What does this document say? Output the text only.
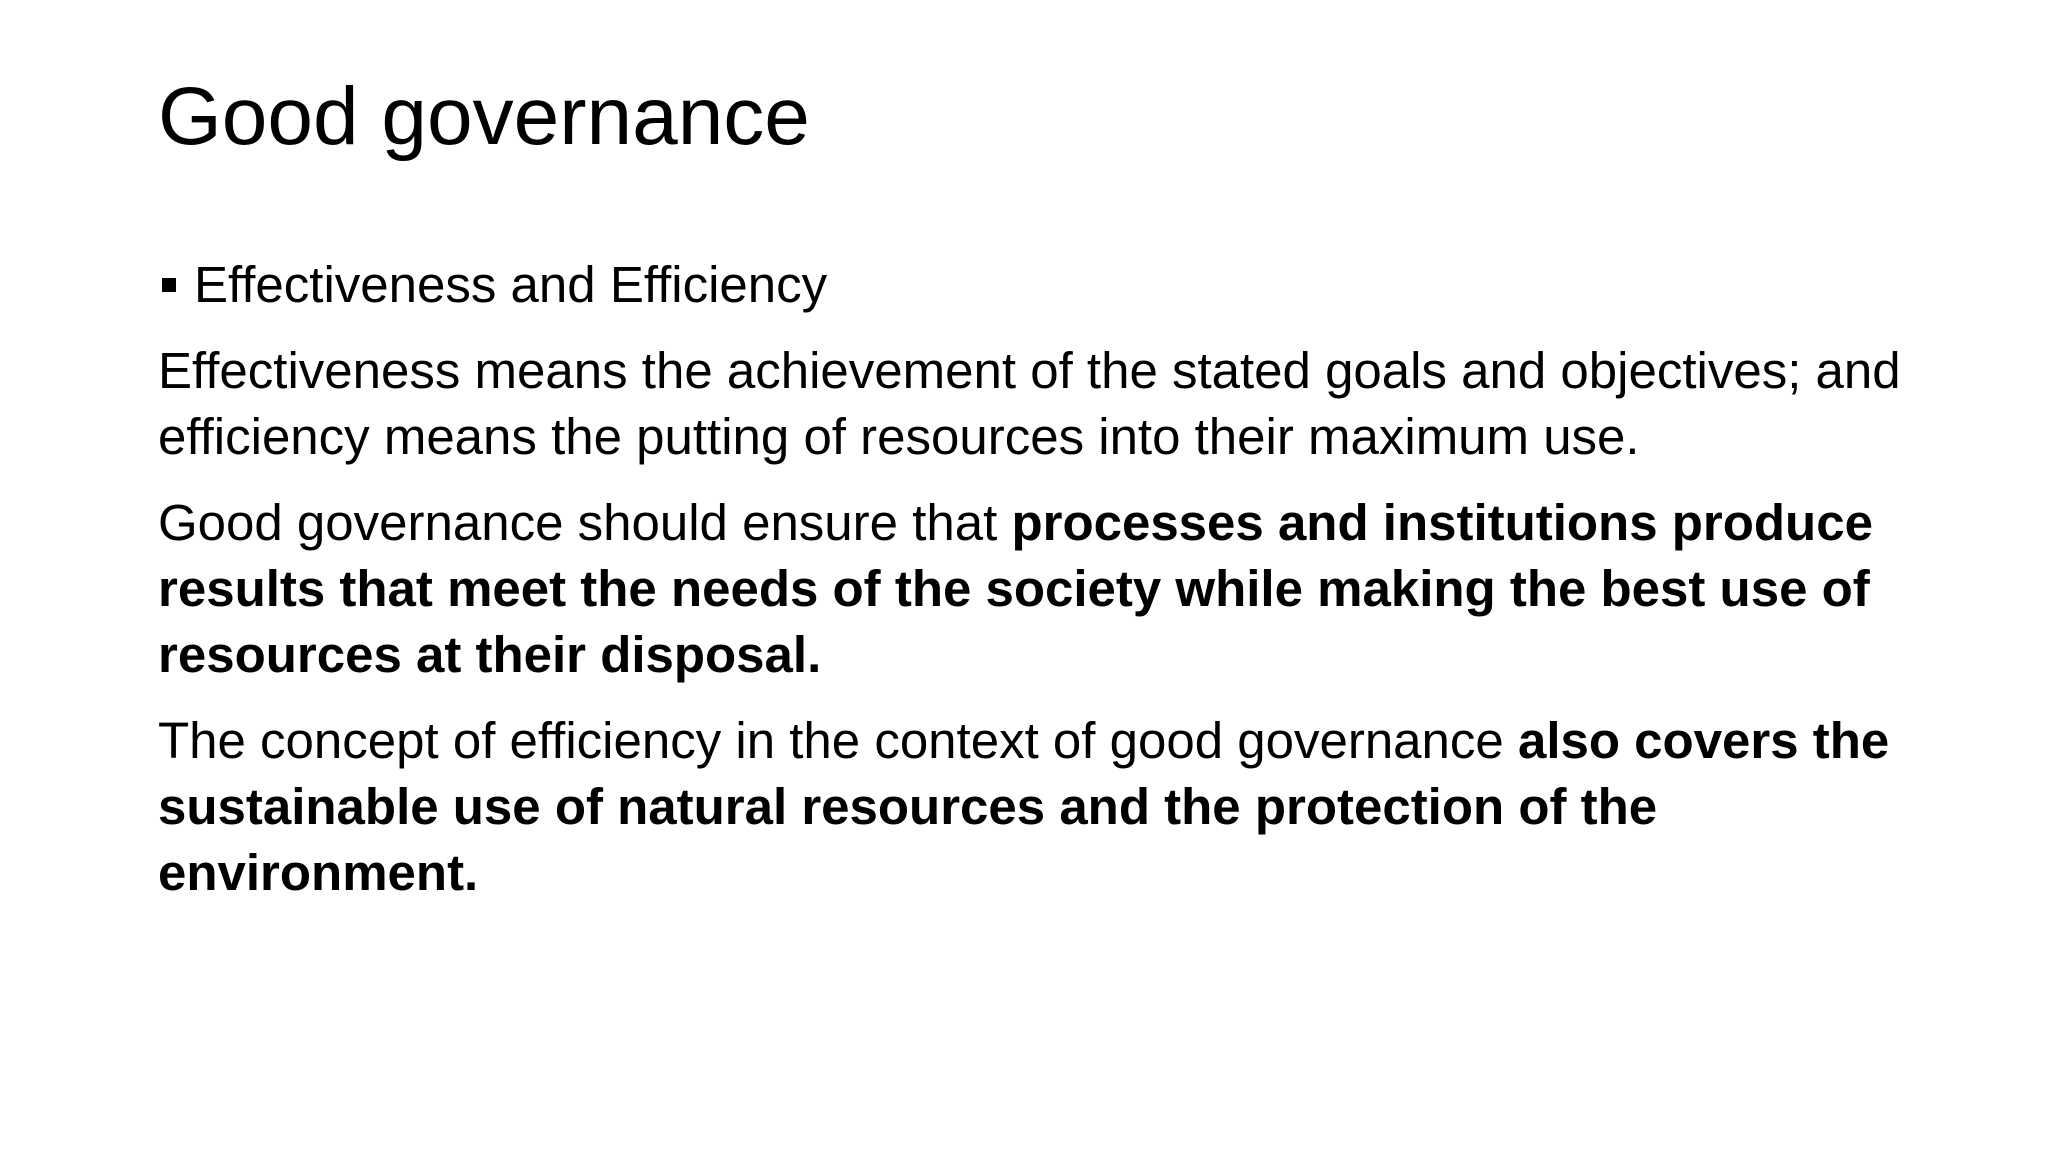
Good governance
Effectiveness and Efficiency

Effectiveness means the achievement of the stated goals and objectives; and efficiency means the putting of resources into their maximum use.

Good governance should ensure that processes and institutions produce results that meet the needs of the society while making the best use of resources at their disposal.

The concept of efficiency in the context of good governance also covers the sustainable use of natural resources and the protection of the environment.
